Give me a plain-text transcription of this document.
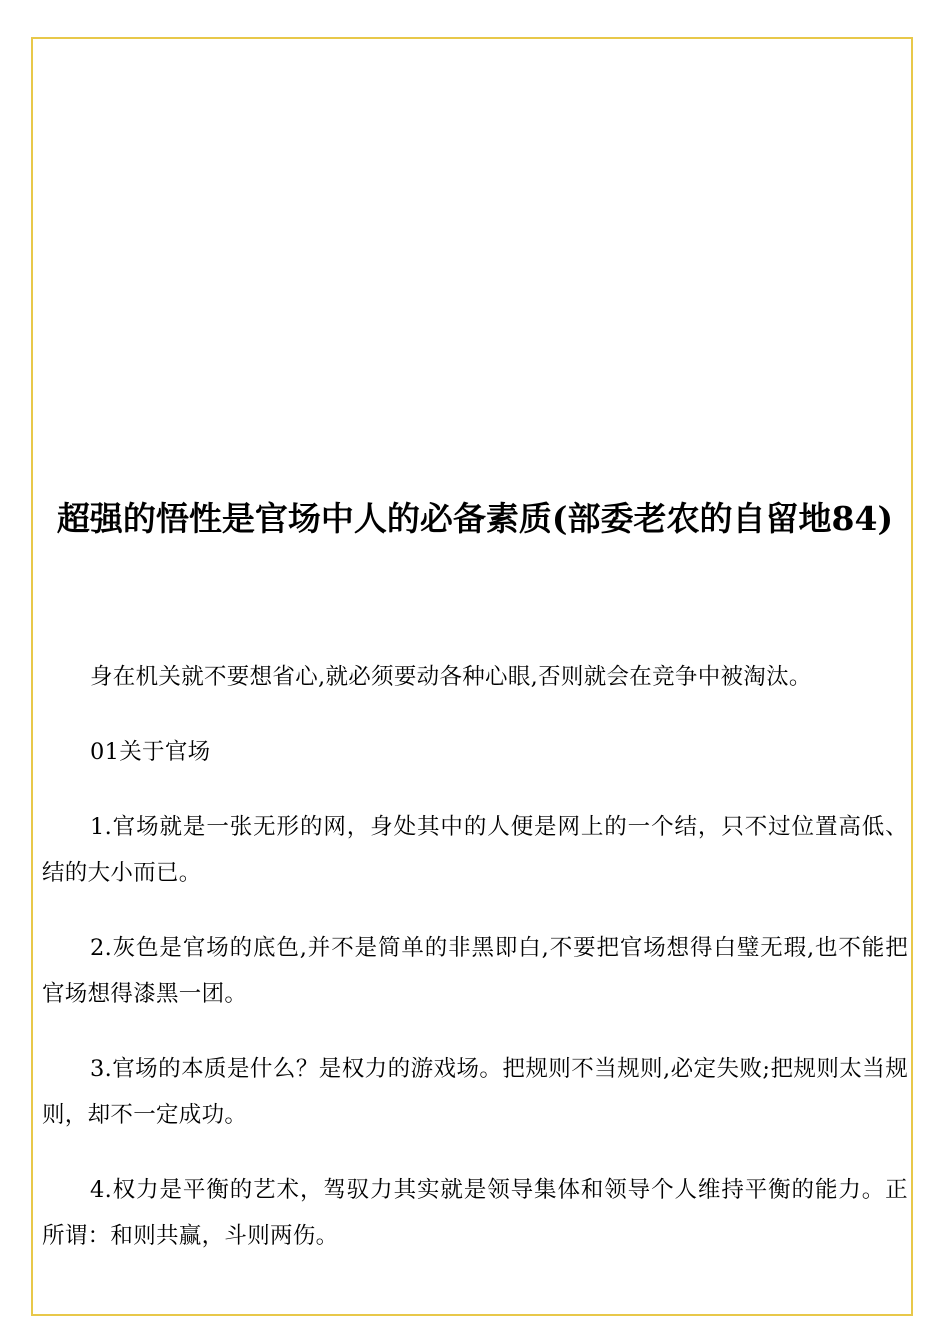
超强的悟性是官场中人的必备素质(部委老农的自留地84)

身在机关就不要想省心,就必须要动各种心眼,否则就会在竞争中被淘汰。

01关于官场

1.官场就是一张无形的网，身处其中的人便是网上的一个结，只不过位置高低、结的大小而已。

2.灰色是官场的底色,并不是简单的非黑即白,不要把官场想得白璧无瑕,也不能把官场想得漆黑一团。

3.官场的本质是什么？是权力的游戏场。把规则不当规则,必定失败;把规则太当规则，却不一定成功。

4.权力是平衡的艺术，驾驭力其实就是领导集体和领导个人维持平衡的能力。正所谓：和则共赢，斗则两伤。
